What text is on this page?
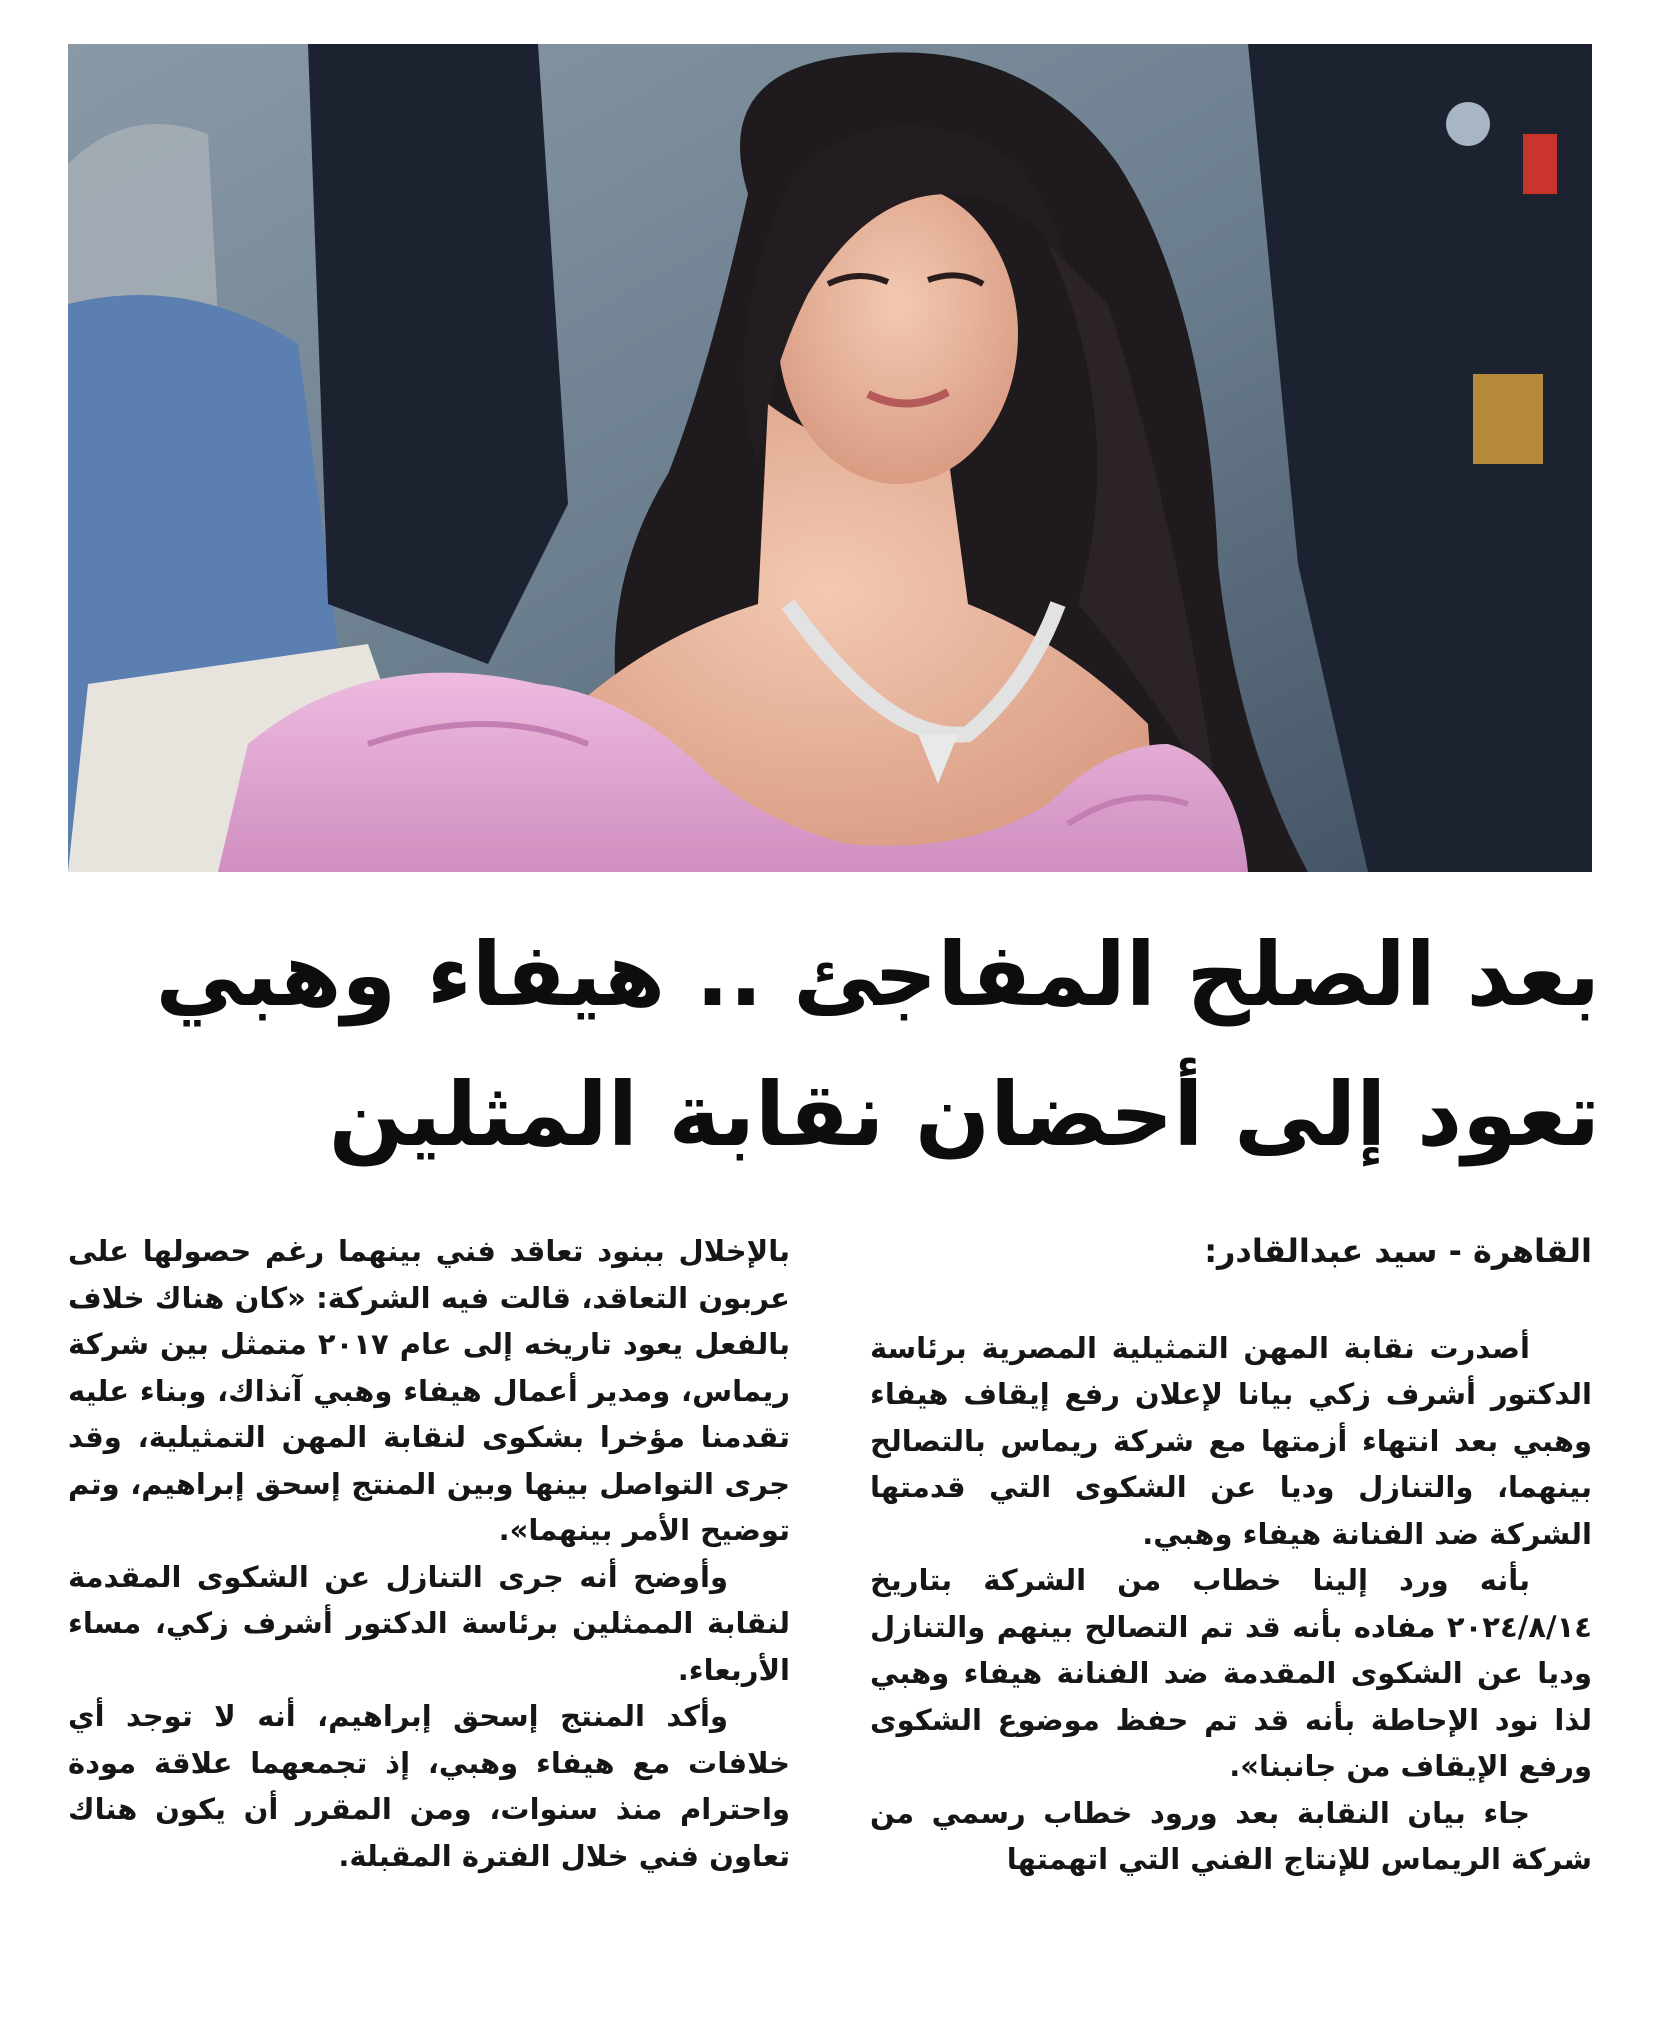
بعد الصلح المفاجئ .. هيفاء وهبي
تعود إلى أحضان نقابة المثلين

القاهرة - سيد عبدالقادر:

أصدرت نقابة المهن التمثيلية المصرية برئاسة الدكتور أشرف زكي بيانا لإعلان رفع إيقاف هيفاء وهبي بعد انتهاء أزمتها مع شركة ريماس بالتصالح بينهما، والتنازل وديا عن الشكوى التي قدمتها الشركة ضد الفنانة هيفاء وهبي.

بأنه ورد إلينا خطاب من الشركة بتاريخ ٢٠٢٤/٨/١٤ مفاده بأنه قد تم التصالح بينهم والتنازل وديا عن الشكوى المقدمة ضد الفنانة هيفاء وهبي لذا نود الإحاطة بأنه قد تم حفظ موضوع الشكوى ورفع الإيقاف من جانبنا».

جاء بيان النقابة بعد ورود خطاب رسمي من شركة الريماس للإنتاج الفني التي اتهمتها

بالإخلال ببنود تعاقد فني بينهما رغم حصولها على عربون التعاقد، قالت فيه الشركة: «كان هناك خلاف بالفعل يعود تاريخه إلى عام ٢٠١٧ متمثل بين شركة ريماس، ومدير أعمال هيفاء وهبي آنذاك، وبناء عليه تقدمنا مؤخرا بشكوى لنقابة المهن التمثيلية، وقد جرى التواصل بينها وبين المنتج إسحق إبراهيم، وتم توضيح الأمر بينهما».

وأوضح أنه جرى التنازل عن الشكوى المقدمة لنقابة الممثلين برئاسة الدكتور أشرف زكي، مساء الأربعاء.

وأكد المنتج إسحق إبراهيم، أنه لا توجد أي خلافات مع هيفاء وهبي، إذ تجمعهما علاقة مودة واحترام منذ سنوات، ومن المقرر أن يكون هناك تعاون فني خلال الفترة المقبلة.
